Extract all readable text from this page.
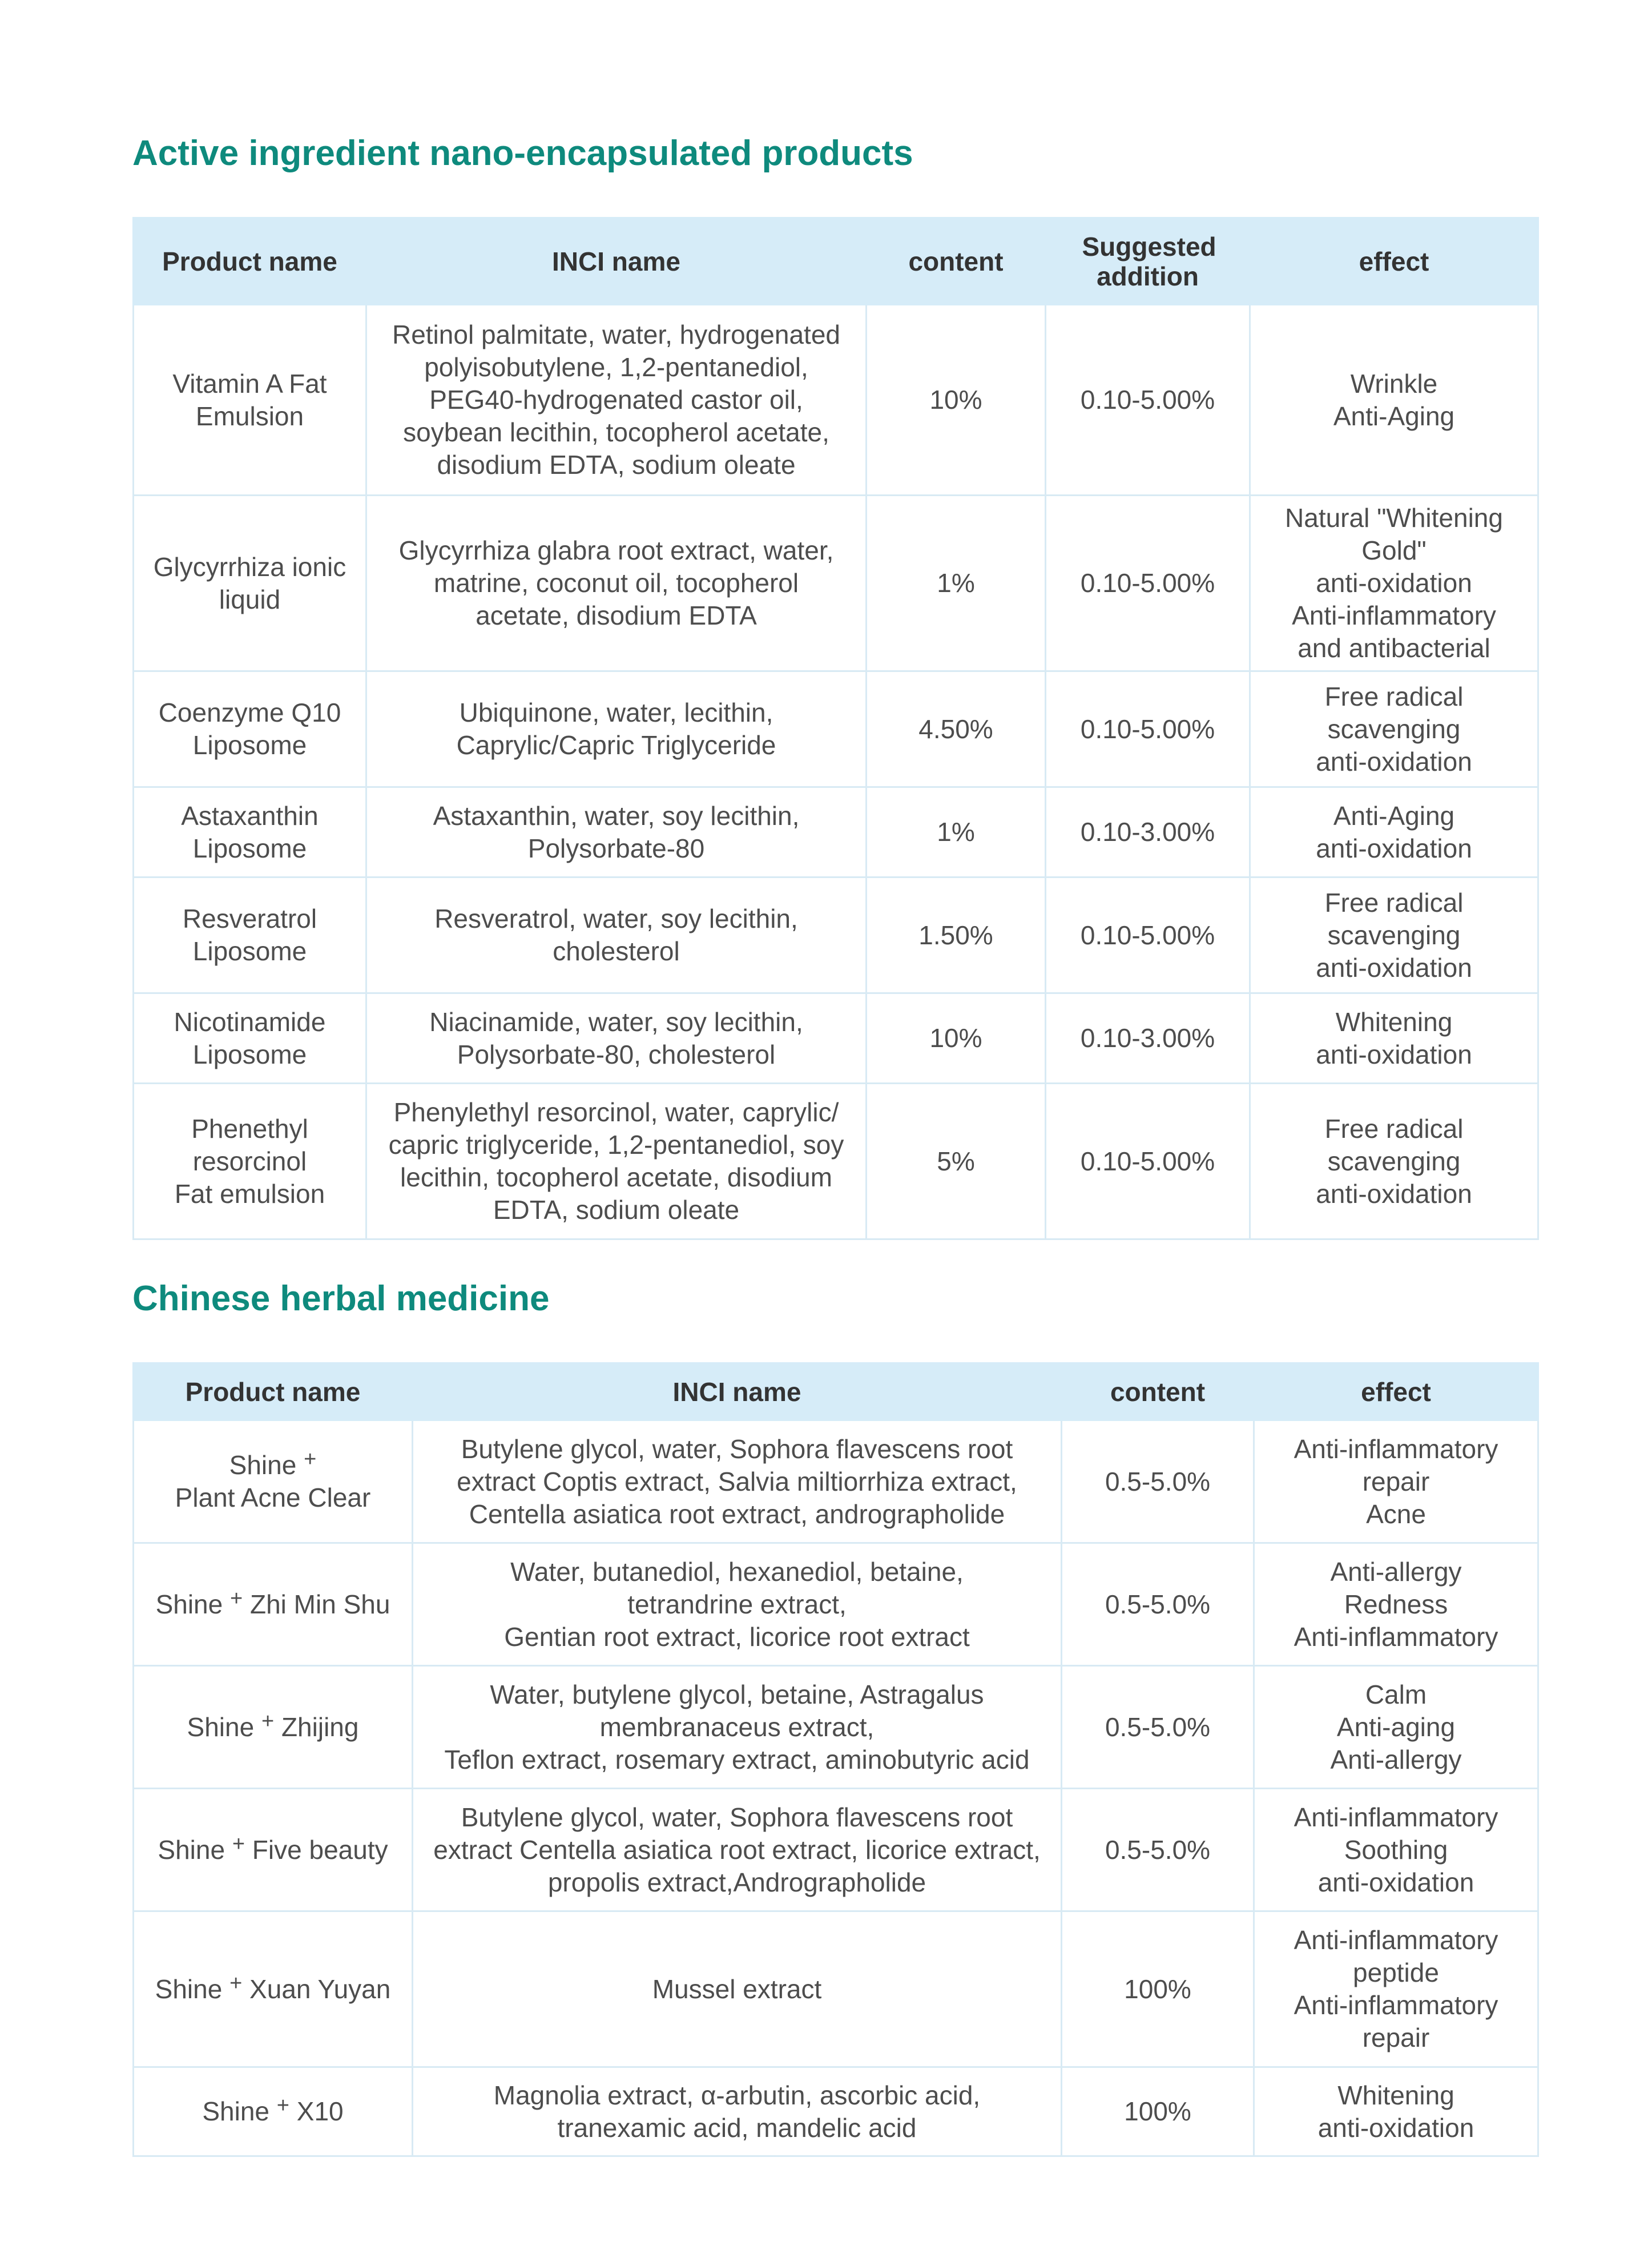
Active ingredient nano-encapsulated products
Product name	INCI name	content	Suggested addition	effect

Vitamin A Fat
Emulsion	Retinol palmitate, water, hydrogenated
polyisobutylene, 1,2-pentanediol,
PEG40-hydrogenated castor oil,
soybean lecithin, tocopherol acetate,
disodium EDTA, sodium oleate	10%	0.10-5.00%	Wrinkle
Anti-Aging

Glycyrrhiza ionic
liquid	Glycyrrhiza glabra root extract, water,
matrine, coconut oil, tocopherol
acetate, disodium EDTA	1%	0.10-5.00%	Natural "Whitening
Gold"
anti-oxidation
Anti-inflammatory
and antibacterial

Coenzyme Q10
Liposome	Ubiquinone, water, lecithin,
Caprylic/Capric Triglyceride	4.50%	0.10-5.00%	Free radical
scavenging
anti-oxidation

Astaxanthin
Liposome	Astaxanthin, water, soy lecithin,
Polysorbate-80	1%	0.10-3.00%	Anti-Aging
anti-oxidation

Resveratrol
Liposome	Resveratrol, water, soy lecithin,
cholesterol	1.50%	0.10-5.00%	Free radical
scavenging
anti-oxidation

Nicotinamide
Liposome	Niacinamide, water, soy lecithin,
Polysorbate-80, cholesterol	10%	0.10-3.00%	Whitening
anti-oxidation

Phenethyl
resorcinol
Fat emulsion	Phenylethyl resorcinol, water, caprylic/
capric triglyceride, 1,2-pentanediol, soy
lecithin, tocopherol acetate, disodium
EDTA, sodium oleate	5%	0.10-5.00%	Free radical
scavenging
anti-oxidation
Chinese herbal medicine
Product name	INCI name	content	effect

Shine +
Plant Acne Clear	Butylene glycol, water, Sophora flavescens root
extract Coptis extract, Salvia miltiorrhiza extract,
Centella asiatica root extract, andrographolide	0.5-5.0%	Anti-inflammatory
repair
Acne

Shine + Zhi Min Shu	Water, butanediol, hexanediol, betaine,
tetrandrine extract,
Gentian root extract, licorice root extract	0.5-5.0%	Anti-allergy
Redness
Anti-inflammatory

Shine + Zhijing	Water, butylene glycol, betaine, Astragalus
membranaceus extract,
Teflon extract, rosemary extract, aminobutyric acid	0.5-5.0%	Calm
Anti-aging
Anti-allergy

Shine + Five beauty	Butylene glycol, water, Sophora flavescens root
extract Centella asiatica root extract, licorice extract,
propolis extract,Andrographolide	0.5-5.0%	Anti-inflammatory
Soothing
anti-oxidation

Shine + Xuan Yuyan	Mussel extract	100%	Anti-inflammatory
peptide
Anti-inflammatory
repair

Shine + X10	Magnolia extract, α-arbutin, ascorbic acid,
tranexamic acid, mandelic acid	100%	Whitening
anti-oxidation
